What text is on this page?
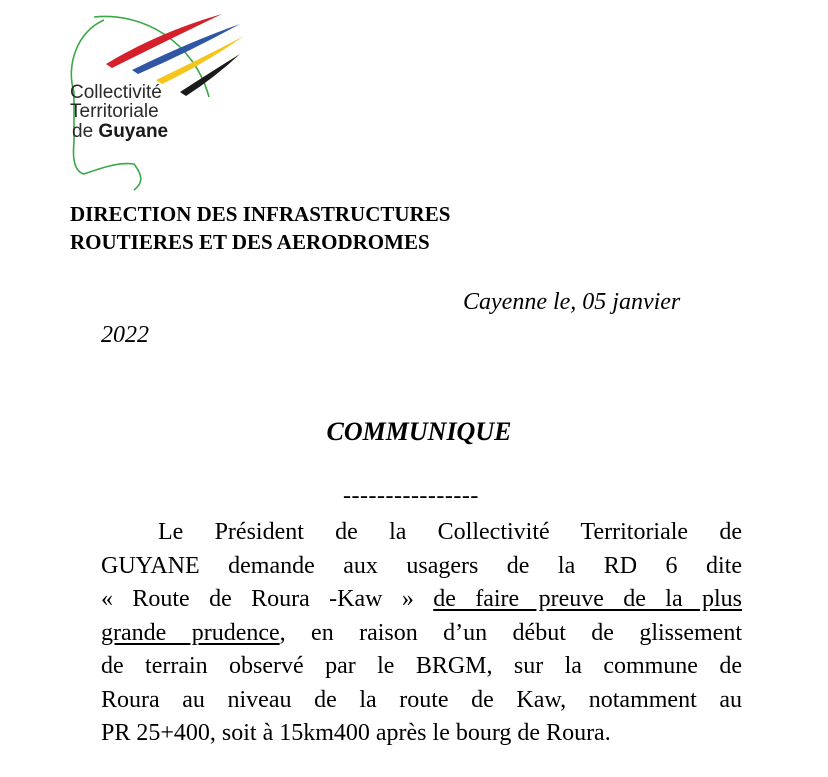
Collectivité
Territoriale
de Guyane
DIRECTION DES INFRASTRUCTURES
ROUTIERES ET DES AERODROMES
Cayenne le, 05 janvier
2022
COMMUNIQUE
----------------
Le Président de la Collectivité Territoriale de
GUYANE demande aux usagers de la RD 6 dite
« Route de Roura -Kaw » de faire preuve de la plus
grande prudence, en raison d’un début de glissement
de terrain observé par le BRGM, sur la commune de
Roura au niveau de la route de Kaw, notamment au
PR 25+400, soit à 15km400 après le bourg de Roura.
